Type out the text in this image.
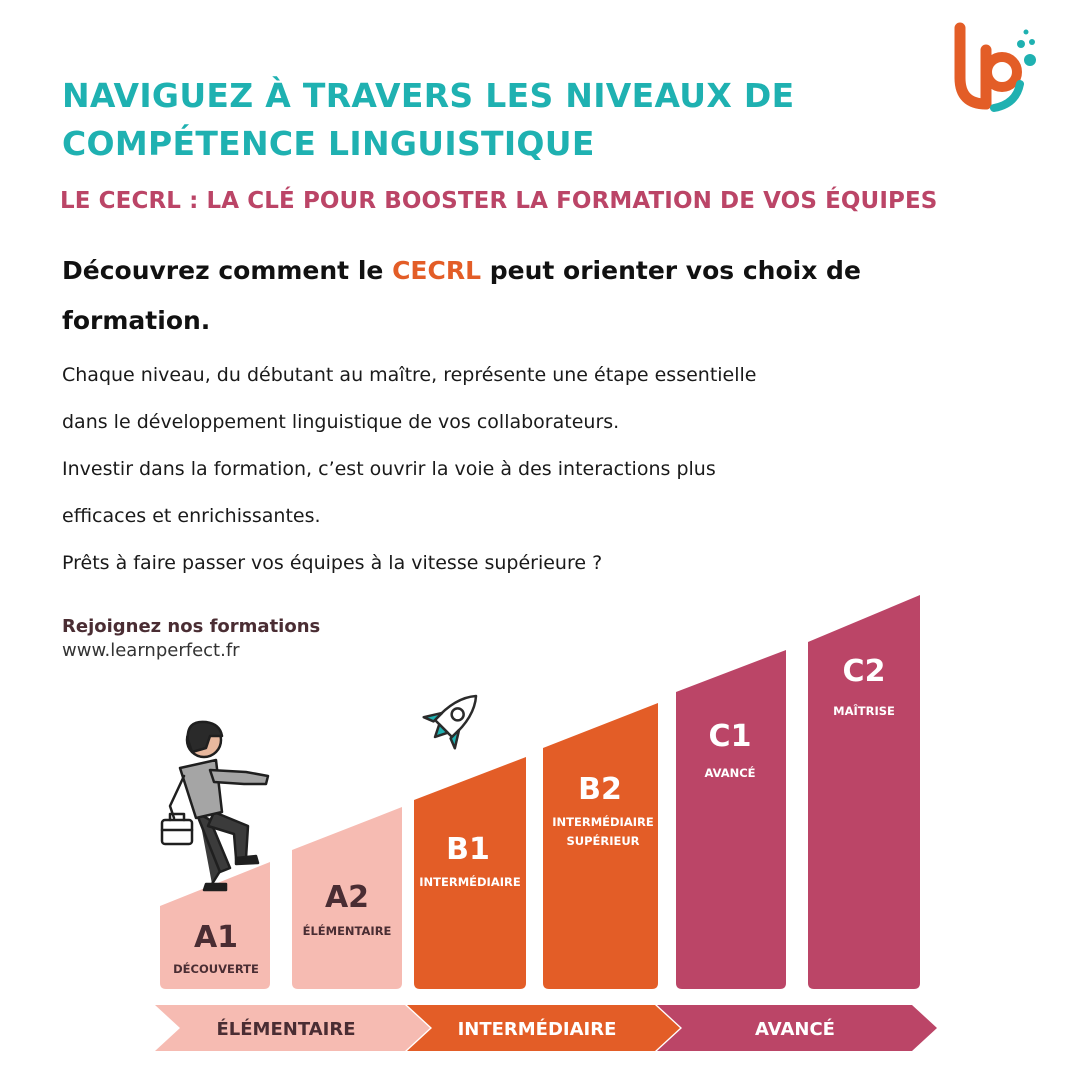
NAVIGUEZ À TRAVERS LES NIVEAUX DE
COMPÉTENCE LINGUISTIQUE
LE CECRL : LA CLÉ POUR BOOSTER LA FORMATION DE VOS ÉQUIPES
Découvrez comment le CECRL peut orienter vos choix de formation.
Chaque niveau, du débutant au maître, représente une étape essentielle
dans le développement linguistique de vos collaborateurs.
Investir dans la formation, c’est ouvrir la voie à des interactions plus
efficaces et enrichissantes.
Prêts à faire passer vos équipes à la vitesse supérieure ?
Rejoignez nos formations
www.learnperfect.fr
A1
DÉCOUVERTE
A2
ÉLÉMENTAIRE
B1
INTERMÉDIAIRE
B2
INTERMÉDIAIRE
SUPÉRIEUR
C1
AVANCÉ
C2
MAÎTRISE
ÉLÉMENTAIRE	INTERMÉDIAIRE	AVANCÉ
